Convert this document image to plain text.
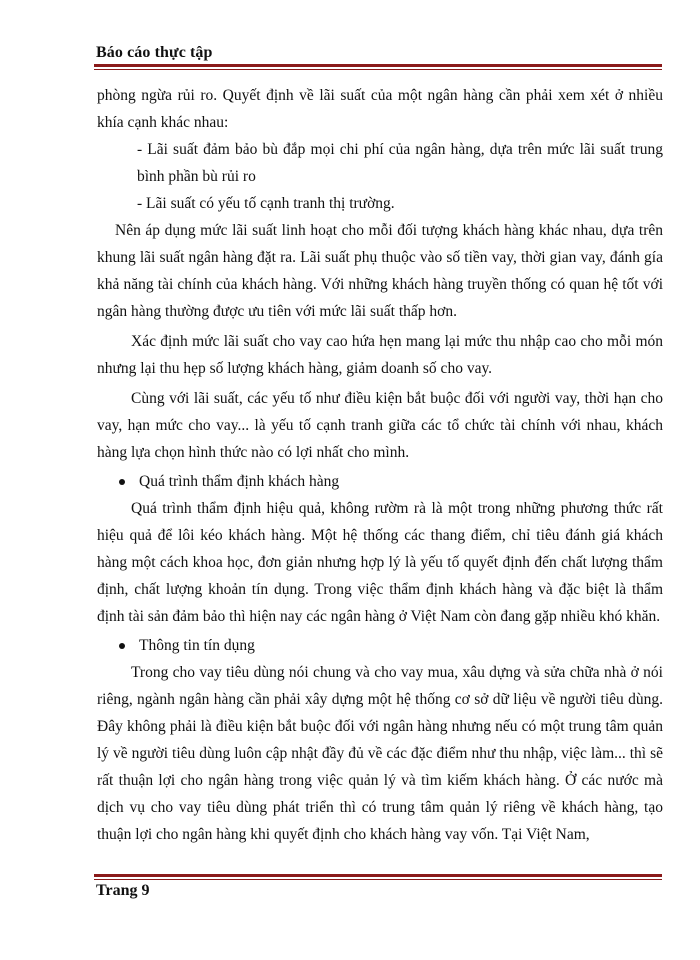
Báo cáo thực tập

phòng ngừa rủi ro. Quyết định về lãi suất của một ngân hàng cần phải xem xét ở nhiều khía cạnh khác nhau:

- Lãi suất đảm bảo bù đắp mọi chi phí của ngân hàng, dựa trên mức lãi suất trung bình phần bù rủi ro

- Lãi suất có yếu tố cạnh tranh thị trường.

Nên áp dụng mức lãi suất linh hoạt cho mỗi đối tượng khách hàng khác nhau, dựa trên khung lãi suất ngân hàng đặt ra. Lãi suất phụ thuộc vào số tiền vay, thời gian vay, đánh gía khả năng tài chính của khách hàng. Với những khách hàng truyền thống có quan hệ tốt với ngân hàng thường được ưu tiên với mức lãi suất thấp hơn.

Xác định mức lãi suất cho vay cao hứa hẹn mang lại mức thu nhập cao cho mỗi món nhưng lại thu hẹp số lượng khách hàng, giảm doanh số cho vay.

Cùng với lãi suất, các yếu tố như điều kiện bắt buộc đối với người vay, thời hạn cho vay, hạn mức cho vay... là yếu tố cạnh tranh giữa các tổ chức tài chính với nhau, khách hàng lựa chọn hình thức nào có lợi nhất cho mình.

Quá trình thẩm định khách hàng

Quá trình thẩm định hiệu quả, không rườm rà là một trong những phương thức rất hiệu quả để lôi kéo khách hàng. Một hệ thống các thang điểm, chỉ tiêu đánh giá khách hàng một cách khoa học, đơn giản nhưng hợp lý là yếu tố quyết định đến chất lượng thẩm định, chất lượng khoản tín dụng. Trong việc thẩm định khách hàng và đặc biệt là thẩm định tài sản đảm bảo thì hiện nay các ngân hàng ở Việt Nam còn đang gặp nhiều khó khăn.

Thông tin tín dụng

Trong cho vay tiêu dùng nói chung và cho vay mua, xâu dựng và sửa chữa nhà ở nói riêng, ngành ngân hàng cần phải xây dựng một hệ thống cơ sở dữ liệu về người tiêu dùng. Đây không phải là điều kiện bắt buộc đối với ngân hàng nhưng nếu có một trung tâm quản lý về người tiêu dùng luôn cập nhật đầy đủ về các đặc điểm như thu nhập, việc làm... thì sẽ rất thuận lợi cho ngân hàng trong việc quản lý và tìm kiếm khách hàng. Ở các nước mà dịch vụ cho vay tiêu dùng phát triển thì có trung tâm quản lý riêng về khách hàng, tạo thuận lợi cho ngân hàng khi quyết định cho khách hàng vay vốn. Tại Việt Nam,

Trang 9
